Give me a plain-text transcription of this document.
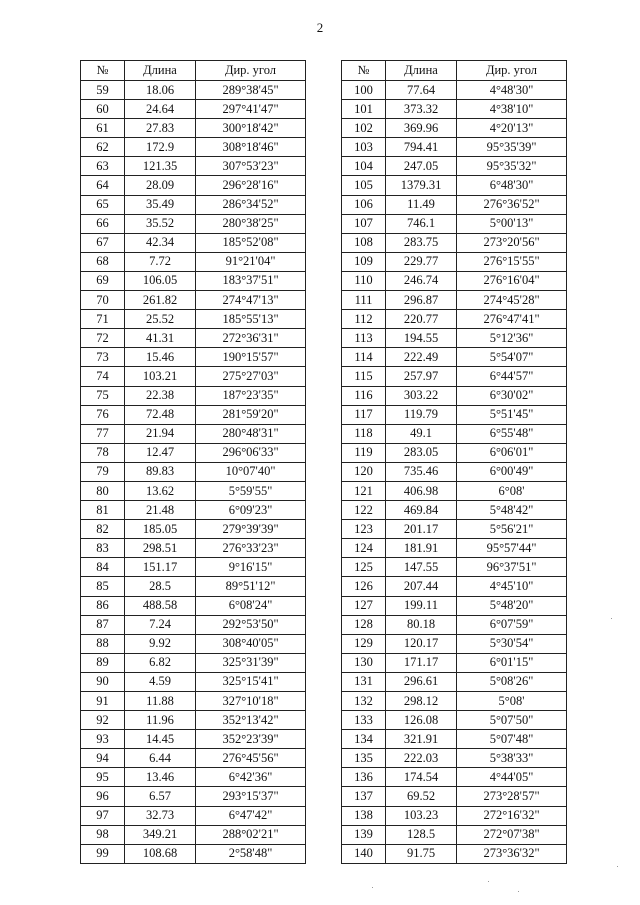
2
№	Длина	Дир. угол
59	18.06	289°38'45"
60	24.64	297°41'47"
61	27.83	300°18'42"
62	172.9	308°18'46"
63	121.35	307°53'23"
64	28.09	296°28'16"
65	35.49	286°34'52"
66	35.52	280°38'25"
67	42.34	185°52'08"
68	7.72	91°21'04"
69	106.05	183°37'51"
70	261.82	274°47'13"
71	25.52	185°55'13"
72	41.31	272°36'31"
73	15.46	190°15'57"
74	103.21	275°27'03"
75	22.38	187°23'35"
76	72.48	281°59'20"
77	21.94	280°48'31"
78	12.47	296°06'33"
79	89.83	10°07'40"
80	13.62	5°59'55"
81	21.48	6°09'23"
82	185.05	279°39'39"
83	298.51	276°33'23"
84	151.17	9°16'15"
85	28.5	89°51'12"
86	488.58	6°08'24"
87	7.24	292°53'50"
88	9.92	308°40'05"
89	6.82	325°31'39"
90	4.59	325°15'41"
91	11.88	327°10'18"
92	11.96	352°13'42"
93	14.45	352°23'39"
94	6.44	276°45'56"
95	13.46	6°42'36"
96	6.57	293°15'37"
97	32.73	6°47'42"
98	349.21	288°02'21"
99	108.68	2°58'48"
№	Длина	Дир. угол
100	77.64	4°48'30"
101	373.32	4°38'10"
102	369.96	4°20'13"
103	794.41	95°35'39"
104	247.05	95°35'32"
105	1379.31	6°48'30"
106	11.49	276°36'52"
107	746.1	5°00'13"
108	283.75	273°20'56"
109	229.77	276°15'55"
110	246.74	276°16'04"
111	296.87	274°45'28"
112	220.77	276°47'41"
113	194.55	5°12'36"
114	222.49	5°54'07"
115	257.97	6°44'57"
116	303.22	6°30'02"
117	119.79	5°51'45"
118	49.1	6°55'48"
119	283.05	6°06'01"
120	735.46	6°00'49"
121	406.98	6°08'
122	469.84	5°48'42"
123	201.17	5°56'21"
124	181.91	95°57'44"
125	147.55	96°37'51"
126	207.44	4°45'10"
127	199.11	5°48'20"
128	80.18	6°07'59"
129	120.17	5°30'54"
130	171.17	6°01'15"
131	296.61	5°08'26"
132	298.12	5°08'
133	126.08	5°07'50"
134	321.91	5°07'48"
135	222.03	5°38'33"
136	174.54	4°44'05"
137	69.52	273°28'57"
138	103.23	272°16'32"
139	128.5	272°07'38"
140	91.75	273°36'32"
